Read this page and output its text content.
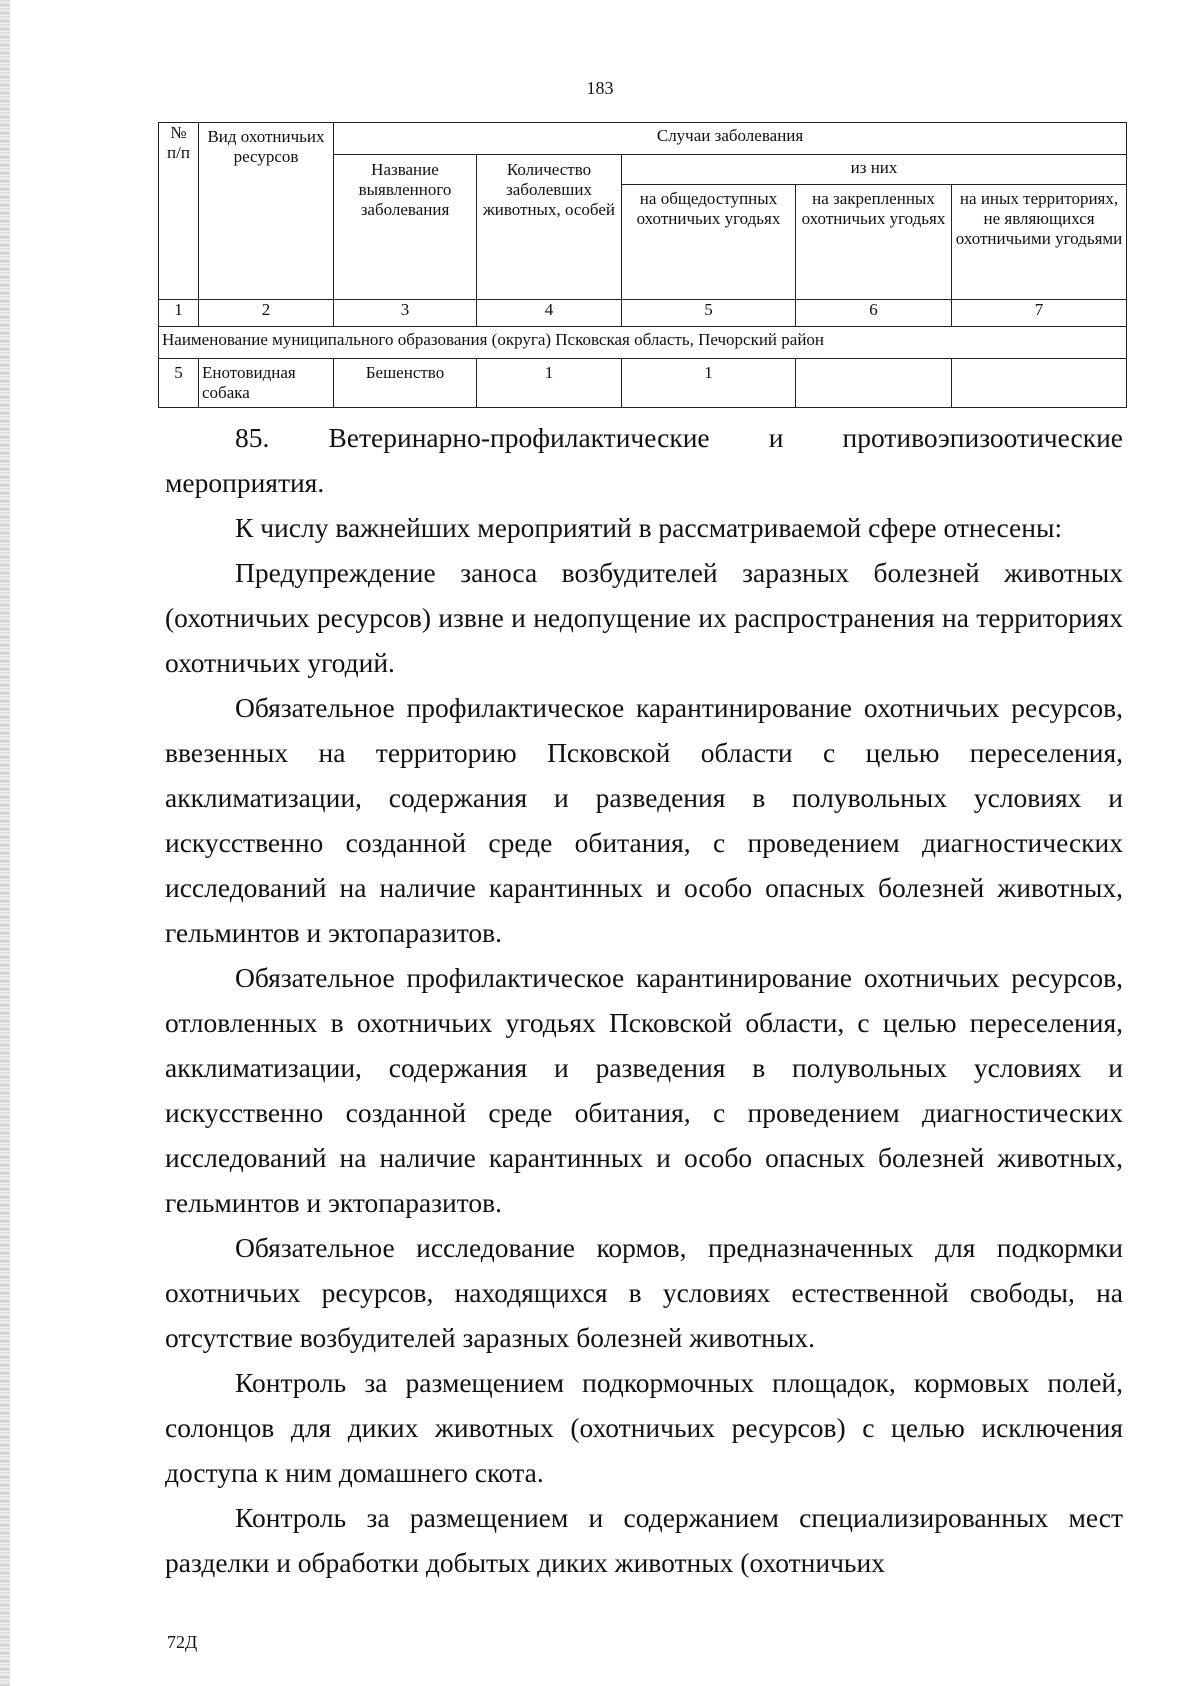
183
№ п/п	Вид охотничьих ресурсов	Случаи заболевания				
		Название выявленного заболевания	Количество заболевших животных, особей	из них		
				на общедоступных охотничьих угодьях	на закрепленных охотничьих угодьях	на иных территориях, не являющихся охотничьими угодьями
1	2	3	4	5	6	7
Наименование муниципального образования (округа) Псковская область, Печорский район						
5	Енотовидная собака	Бешенство	1	1		

85. Ветеринарно-профилактические и противоэпизоотические мероприятия.

К числу важнейших мероприятий в рассматриваемой сфере отнесены:

Предупреждение заноса возбудителей заразных болезней животных (охотничьих ресурсов) извне и недопущение их распространения на территориях охотничьих угодий.

Обязательное профилактическое карантинирование охотничьих ресурсов, ввезенных на территорию Псковской области с целью переселения, акклиматизации, содержания и разведения в полувольных условиях и искусственно созданной среде обитания, с проведением диагностических исследований на наличие карантинных и особо опасных болезней животных, гельминтов и эктопаразитов.

Обязательное профилактическое карантинирование охотничьих ресурсов, отловленных в охотничьих угодьях Псковской области, с целью переселения, акклиматизации, содержания и разведения в полувольных условиях и искусственно созданной среде обитания, с проведением диагностических исследований на наличие карантинных и особо опасных болезней животных, гельминтов и эктопаразитов.

Обязательное исследование кормов, предназначенных для подкормки охотничьих ресурсов, находящихся в условиях естественной свободы, на отсутствие возбудителей заразных болезней животных.

Контроль за размещением подкормочных площадок, кормовых полей, солонцов для диких животных (охотничьих ресурсов) с целью исключения доступа к ним домашнего скота.

Контроль за размещением и содержанием специализированных мест разделки и обработки добытых диких животных (охотничьих

72Д
